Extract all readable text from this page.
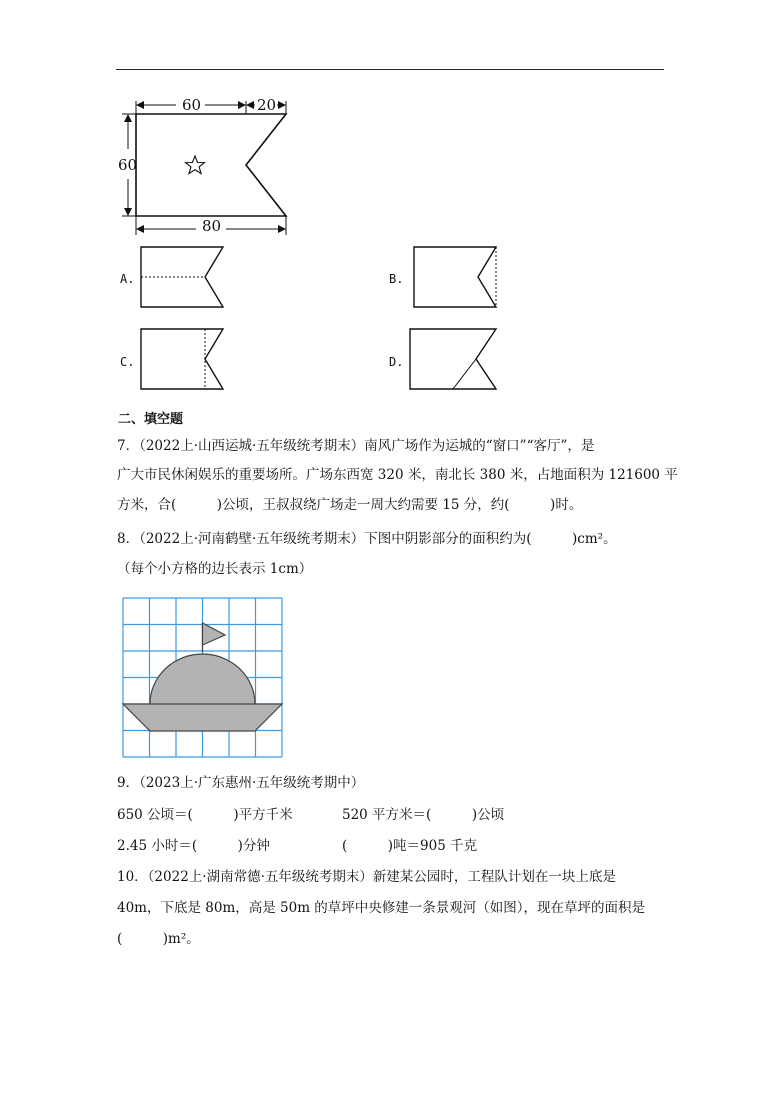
60	20
60
80
A.	B.
C.	D.
二、填空题
7．（2022上·山西运城·五年级统考期末）南风广场作为运城的“窗口”“客厅”，是
广大市民休闲娱乐的重要场所。广场东西宽 320 米，南北长 380 米，占地面积为 121600 平
方米，合(　　　)公顷，王叔叔绕广场走一周大约需要 15 分，约(　　　)时。
8．（2022上·河南鹤壁·五年级统考期末）下图中阴影部分的面积约为(　　　)cm²。
（每个小方格的边长表示 1cm）
9．（2023上·广东惠州·五年级统考期中）
650 公顷＝(　　　)平方千米	520 平方米＝(　　　)公顷
2.45 小时＝(　　　)分钟	(　　　)吨＝905 千克
10．（2022上·湖南常德·五年级统考期末）新建某公园时，工程队计划在一块上底是
40m，下底是 80m，高是 50m 的草坪中央修建一条景观河（如图），现在草坪的面积是
(　　　)m²。
